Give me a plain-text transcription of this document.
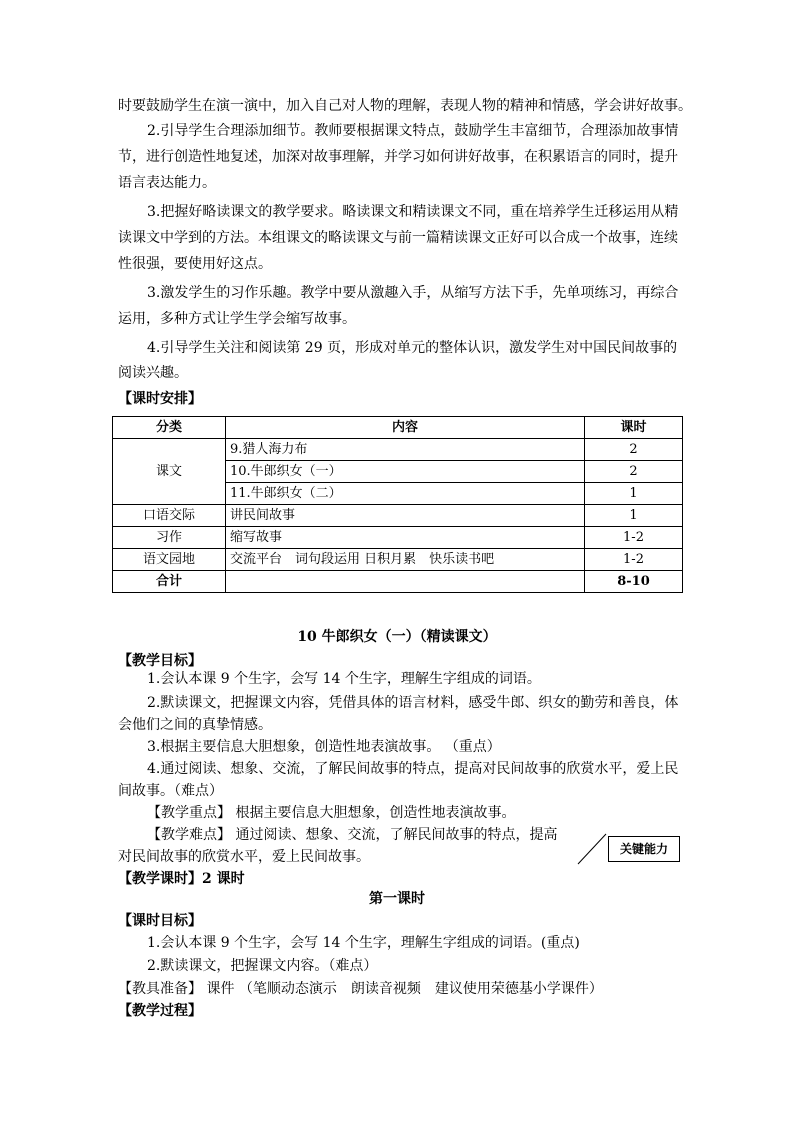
时要鼓励学生在演一演中，加入自己对人物的理解，表现人物的精神和情感，学会讲好故事。
2.引导学生合理添加细节。教师要根据课文特点，鼓励学生丰富细节，合理添加故事情
节，进行创造性地复述，加深对故事理解，并学习如何讲好故事，在积累语言的同时，提升
语言表达能力。
3.把握好略读课文的教学要求。略读课文和精读课文不同，重在培养学生迁移运用从精
读课文中学到的方法。本组课文的略读课文与前一篇精读课文正好可以合成一个故事，连续
性很强，要使用好这点。
3.激发学生的习作乐趣。教学中要从激趣入手，从缩写方法下手，先单项练习，再综合
运用，多种方式让学生学会缩写故事。
4.引导学生关注和阅读第 29 页，形成对单元的整体认识，激发学生对中国民间故事的
阅读兴趣。
【课时安排】
分类	内容	课时
课文	9.猎人海力布	2
	10.牛郎织女（一）	2
	11.牛郎织女（二）	1
口语交际	讲民间故事	1
习作	缩写故事	1-2
语文园地	交流平台　词句段运用 日积月累　快乐读书吧	1-2
合计		8-10
10 牛郎织女（一）（精读课文）
【教学目标】
1.会认本课 9 个生字，会写 14 个生字，理解生字组成的词语。
2.默读课文，把握课文内容，凭借具体的语言材料，感受牛郎、织女的勤劳和善良，体
会他们之间的真挚情感。
3.根据主要信息大胆想象，创造性地表演故事。 （重点）
4.通过阅读、想象、交流，了解民间故事的特点，提高对民间故事的欣赏水平，爱上民
间故事。（难点）
【教学重点】 根据主要信息大胆想象，创造性地表演故事。
【教学难点】 通过阅读、想象、交流，了解民间故事的特点，提高
对民间故事的欣赏水平，爱上民间故事。	关键能力
【教学课时】2 课时
第一课时
【课时目标】
1.会认本课 9 个生字，会写 14 个生字，理解生字组成的词语。(重点)
2.默读课文，把握课文内容。（难点）
【教具准备】 课件 （笔顺动态演示　朗读音视频　建议使用荣德基小学课件）
【教学过程】
